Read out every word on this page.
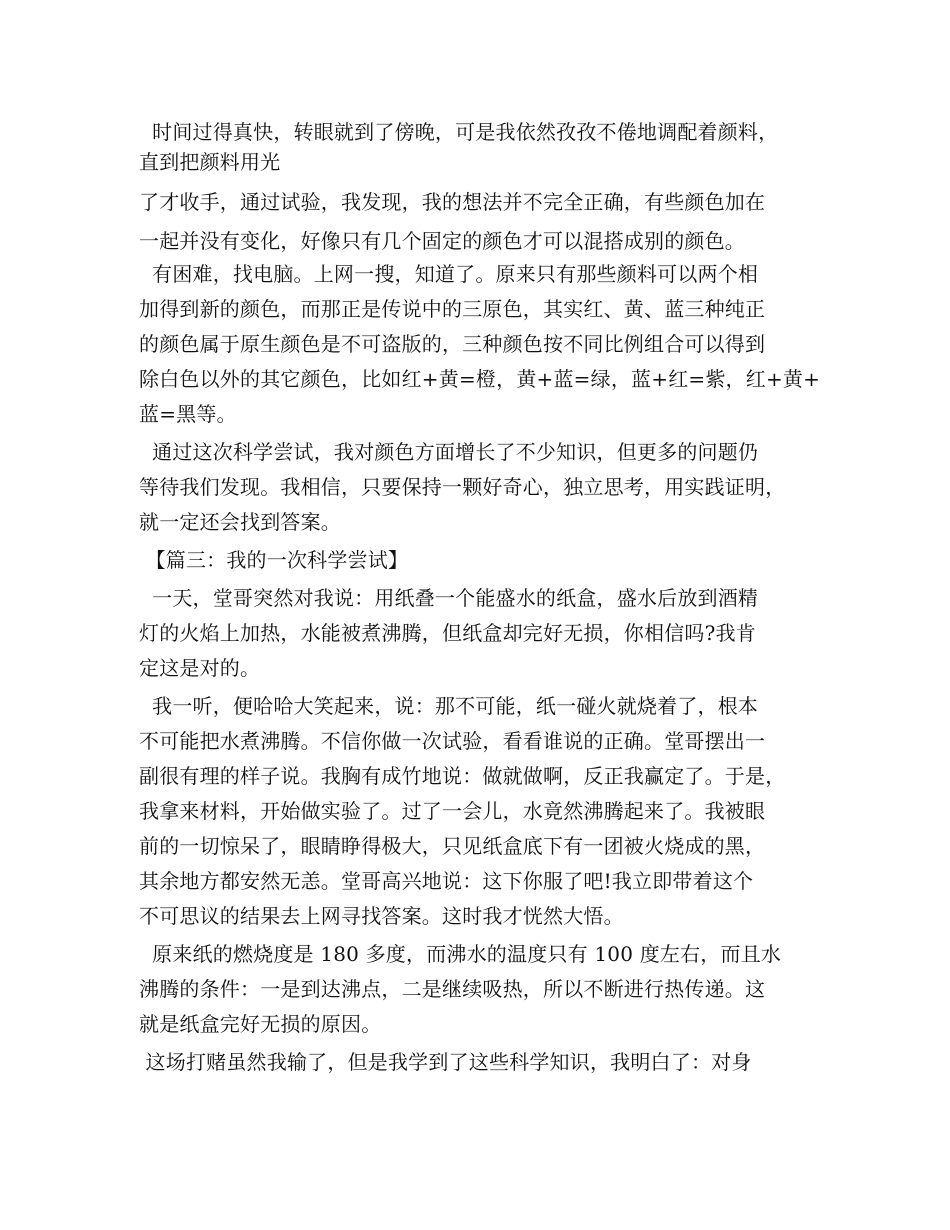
时间过得真快，转眼就到了傍晚，可是我依然孜孜不倦地调配着颜料，
直到把颜料用光
了才收手，通过试验，我发现，我的想法并不完全正确，有些颜色加在
一起并没有变化，好像只有几个固定的颜色才可以混搭成别的颜色。
有困难，找电脑。上网一搜，知道了。原来只有那些颜料可以两个相
加得到新的颜色，而那正是传说中的三原色，其实红、黄、蓝三种纯正
的颜色属于原生颜色是不可盗版的，三种颜色按不同比例组合可以得到
除白色以外的其它颜色，比如红+黄=橙，黄+蓝=绿，蓝+红=紫，红+黄+
蓝=黑等。
通过这次科学尝试，我对颜色方面增长了不少知识，但更多的问题仍
等待我们发现。我相信，只要保持一颗好奇心，独立思考，用实践证明，
就一定还会找到答案。
【篇三：我的一次科学尝试】
一天，堂哥突然对我说：用纸叠一个能盛水的纸盒，盛水后放到酒精
灯的火焰上加热，水能被煮沸腾，但纸盒却完好无损，你相信吗?我肯
定这是对的。
我一听，便哈哈大笑起来，说：那不可能，纸一碰火就烧着了，根本
不可能把水煮沸腾。不信你做一次试验，看看谁说的正确。堂哥摆出一
副很有理的样子说。我胸有成竹地说：做就做啊，反正我赢定了。于是，
我拿来材料，开始做实验了。过了一会儿，水竟然沸腾起来了。我被眼
前的一切惊呆了，眼睛睁得极大，只见纸盒底下有一团被火烧成的黑，
其余地方都安然无恙。堂哥高兴地说：这下你服了吧!我立即带着这个
不可思议的结果去上网寻找答案。这时我才恍然大悟。
原来纸的燃烧度是 180 多度，而沸水的温度只有 100 度左右，而且水
沸腾的条件：一是到达沸点，二是继续吸热，所以不断进行热传递。这
就是纸盒完好无损的原因。
这场打赌虽然我输了，但是我学到了这些科学知识，我明白了：对身
